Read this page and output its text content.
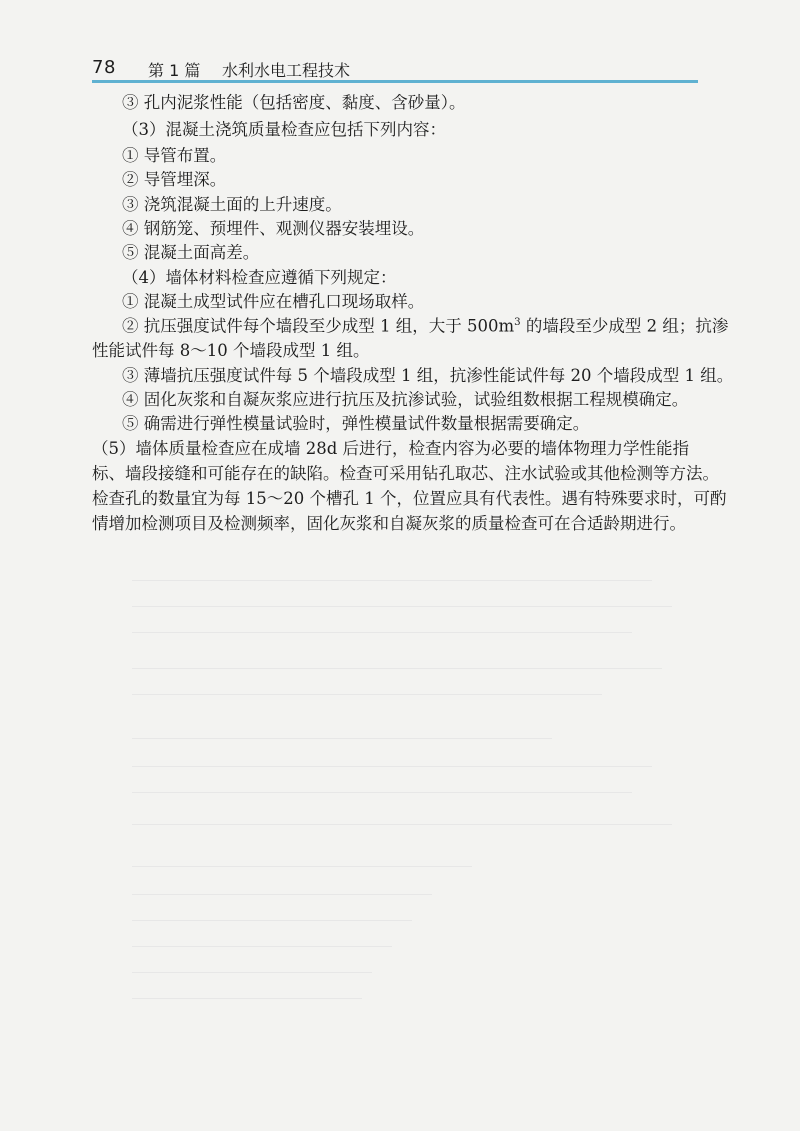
78 第 1 篇 水利水电工程技术
③ 孔内泥浆性能（包括密度、黏度、含砂量）。
（3）混凝土浇筑质量检查应包括下列内容：
① 导管布置。
② 导管埋深。
③ 浇筑混凝土面的上升速度。
④ 钢筋笼、预埋件、观测仪器安装埋设。
⑤ 混凝土面高差。
（4）墙体材料检查应遵循下列规定：
① 混凝土成型试件应在槽孔口现场取样。
② 抗压强度试件每个墙段至少成型 1 组，大于 $500m^3$ 的墙段至少成型 2 组；抗渗
性能试件每 8～10 个墙段成型 1 组。
③ 薄墙抗压强度试件每 5 个墙段成型 1 组，抗渗性能试件每 20 个墙段成型 1 组。
④ 固化灰浆和自凝灰浆应进行抗压及抗渗试验，试验组数根据工程规模确定。
⑤ 确需进行弹性模量试验时，弹性模量试件数量根据需要确定。
（5）墙体质量检查应在成墙 28d 后进行，检查内容为必要的墙体物理力学性能指
标、墙段接缝和可能存在的缺陷。检查可采用钻孔取芯、注水试验或其他检测等方法。
检查孔的数量宜为每 15～20 个槽孔 1 个，位置应具有代表性。遇有特殊要求时，可酌
情增加检测项目及检测频率，固化灰浆和自凝灰浆的质量检查可在合适龄期进行。
